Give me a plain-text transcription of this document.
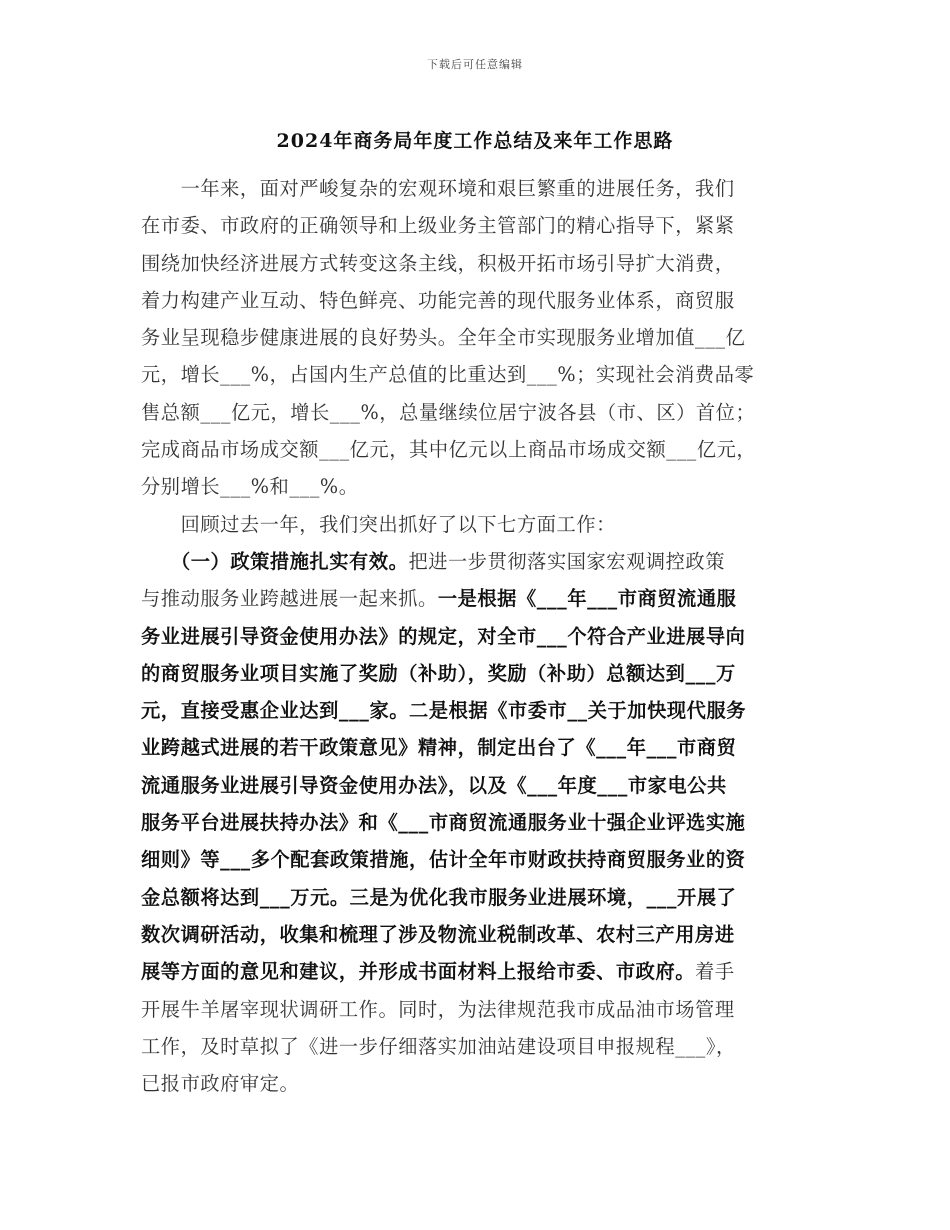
下载后可任意编辑
2024年商务局年度工作总结及来年工作思路
　　一年来，面对严峻复杂的宏观环境和艰巨繁重的进展任务，我们
在市委、市政府的正确领导和上级业务主管部门的精心指导下，紧紧
围绕加快经济进展方式转变这条主线，积极开拓市场引导扩大消费，
着力构建产业互动、特色鲜亮、功能完善的现代服务业体系，商贸服
务业呈现稳步健康进展的良好势头。全年全市实现服务业增加值___亿
元，增长___%，占国内生产总值的比重达到___%；实现社会消费品零
售总额___亿元，增长___%，总量继续位居宁波各县（市、区）首位；
完成商品市场成交额___亿元，其中亿元以上商品市场成交额___亿元，
分别增长___%和___%。
　　回顾过去一年，我们突出抓好了以下七方面工作：
　　（一）政策措施扎实有效。把进一步贯彻落实国家宏观调控政策
与推动服务业跨越进展一起来抓。一是根据《___年___市商贸流通服
务业进展引导资金使用办法》的规定，对全市___个符合产业进展导向
的商贸服务业项目实施了奖励（补助），奖励（补助）总额达到___万
元，直接受惠企业达到___家。二是根据《市委市__关于加快现代服务
业跨越式进展的若干政策意见》精神，制定出台了《___年___市商贸
流通服务业进展引导资金使用办法》，以及《___年度___市家电公共
服务平台进展扶持办法》和《___市商贸流通服务业十强企业评选实施
细则》等___多个配套政策措施，估计全年市财政扶持商贸服务业的资
金总额将达到___万元。三是为优化我市服务业进展环境，___开展了
数次调研活动，收集和梳理了涉及物流业税制改革、农村三产用房进
展等方面的意见和建议，并形成书面材料上报给市委、市政府。着手
开展牛羊屠宰现状调研工作。同时，为法律规范我市成品油市场管理
工作，及时草拟了《进一步仔细落实加油站建设项目申报规程___》，
已报市政府审定。
